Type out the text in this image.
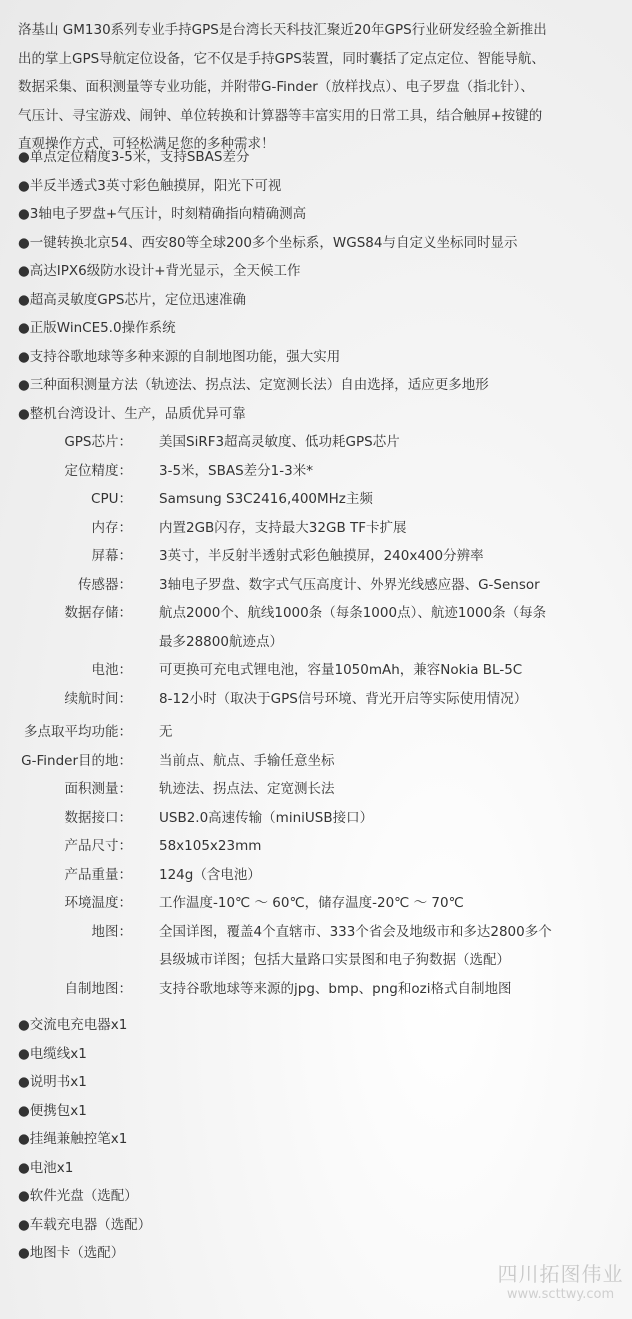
洛基山 GM130系列专业手持GPS是台湾长天科技汇聚近20年GPS行业研发经验全新推出
出的掌上GPS导航定位设备，它不仅是手持GPS装置，同时囊括了定点定位、智能导航、
数据采集、面积测量等专业功能，并附带G-Finder（放样找点）、电子罗盘（指北针）、
气压计、寻宝游戏、闹钟、单位转换和计算器等丰富实用的日常工具，结合触屏+按键的
直观操作方式，可轻松满足您的多种需求！
●单点定位精度3-5米，支持SBAS差分
●半反半透式3英寸彩色触摸屏，阳光下可视
●3轴电子罗盘+气压计，时刻精确指向精确测高
●一键转换北京54、西安80等全球200多个坐标系，WGS84与自定义坐标同时显示
●高达IPX6级防水设计+背光显示，全天候工作
●超高灵敏度GPS芯片，定位迅速准确
●正版WinCE5.0操作系统
●支持谷歌地球等多种来源的自制地图功能，强大实用
●三种面积测量方法（轨迹法、拐点法、定宽测长法）自由选择，适应更多地形
●整机台湾设计、生产，品质优异可靠
GPS芯片： 美国SiRF3超高灵敏度、低功耗GPS芯片
定位精度： 3-5米，SBAS差分1-3米*
CPU： Samsung S3C2416,400MHz主频
内存： 内置2GB闪存，支持最大32GB TF卡扩展
屏幕： 3英寸，半反射半透射式彩色触摸屏，240x400分辨率
传感器： 3轴电子罗盘、数字式气压高度计、外界光线感应器、G-Sensor
数据存储： 航点2000个、航线1000条（每条1000点）、航迹1000条（每条
最多28800航迹点）
电池： 可更换可充电式锂电池，容量1050mAh，兼容Nokia BL-5C
续航时间： 8-12小时（取决于GPS信号环境、背光开启等实际使用情况）
多点取平均功能： 无
G-Finder目的地： 当前点、航点、手输任意坐标
面积测量： 轨迹法、拐点法、定宽测长法
数据接口： USB2.0高速传输（miniUSB接口）
产品尺寸： 58x105x23mm
产品重量： 124g（含电池）
环境温度： 工作温度-10℃ ～ 60℃，储存温度-20℃ ～ 70℃
地图： 全国详图，覆盖4个直辖市、333个省会及地级市和多达2800多个
县级城市详图；包括大量路口实景图和电子狗数据（选配）
自制地图： 支持谷歌地球等来源的jpg、bmp、png和ozi格式自制地图
●交流电充电器x1
●电缆线x1
●说明书x1
●便携包x1
●挂绳兼触控笔x1
●电池x1
●软件光盘（选配）
●车载充电器（选配）
●地图卡（选配）
四川拓图伟业
www.scttwy.com
